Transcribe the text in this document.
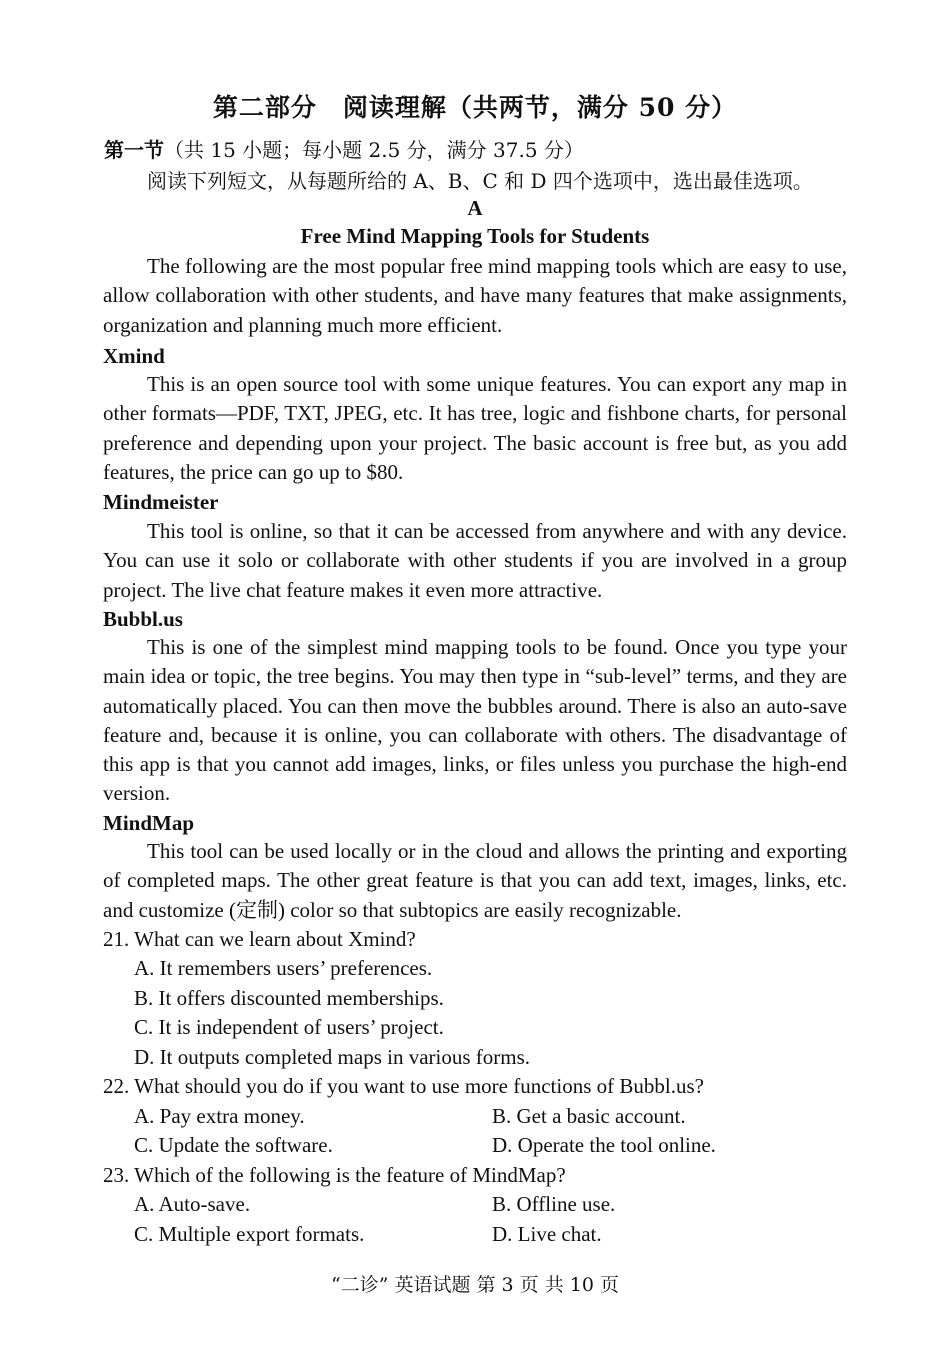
第二部分　阅读理解（共两节，满分 50 分）
第一节（共 15 小题；每小题 2.5 分，满分 37.5 分）
阅读下列短文，从每题所给的 A、B、C 和 D 四个选项中，选出最佳选项。
A
Free Mind Mapping Tools for Students
The following are the most popular free mind mapping tools which are easy to use, allow collaboration with other students, and have many features that make assignments, organization and planning much more efficient.
Xmind
This is an open source tool with some unique features. You can export any map in other formats—PDF, TXT, JPEG, etc. It has tree, logic and fishbone charts, for personal preference and depending upon your project. The basic account is free but, as you add features, the price can go up to $80.
Mindmeister
This tool is online, so that it can be accessed from anywhere and with any device. You can use it solo or collaborate with other students if you are involved in a group project. The live chat feature makes it even more attractive.
Bubbl.us
This is one of the simplest mind mapping tools to be found. Once you type your main idea or topic, the tree begins. You may then type in “sub-level” terms, and they are automatically placed. You can then move the bubbles around. There is also an auto-save feature and, because it is online, you can collaborate with others. The disadvantage of this app is that you cannot add images, links, or files unless you purchase the high-end version.
MindMap
This tool can be used locally or in the cloud and allows the printing and exporting of completed maps. The other great feature is that you can add text, images, links, etc. and customize (定制) color so that subtopics are easily recognizable.
21. What can we learn about Xmind?
A. It remembers users’ preferences.
B. It offers discounted memberships.
C. It is independent of users’ project.
D. It outputs completed maps in various forms.
22. What should you do if you want to use more functions of Bubbl.us?
A. Pay extra money.	B. Get a basic account.
C. Update the software.	D. Operate the tool online.
23. Which of the following is the feature of MindMap?
A. Auto-save.	B. Offline use.
C. Multiple export formats.	D. Live chat.
“二诊” 英语试题 第 3 页 共 10 页
